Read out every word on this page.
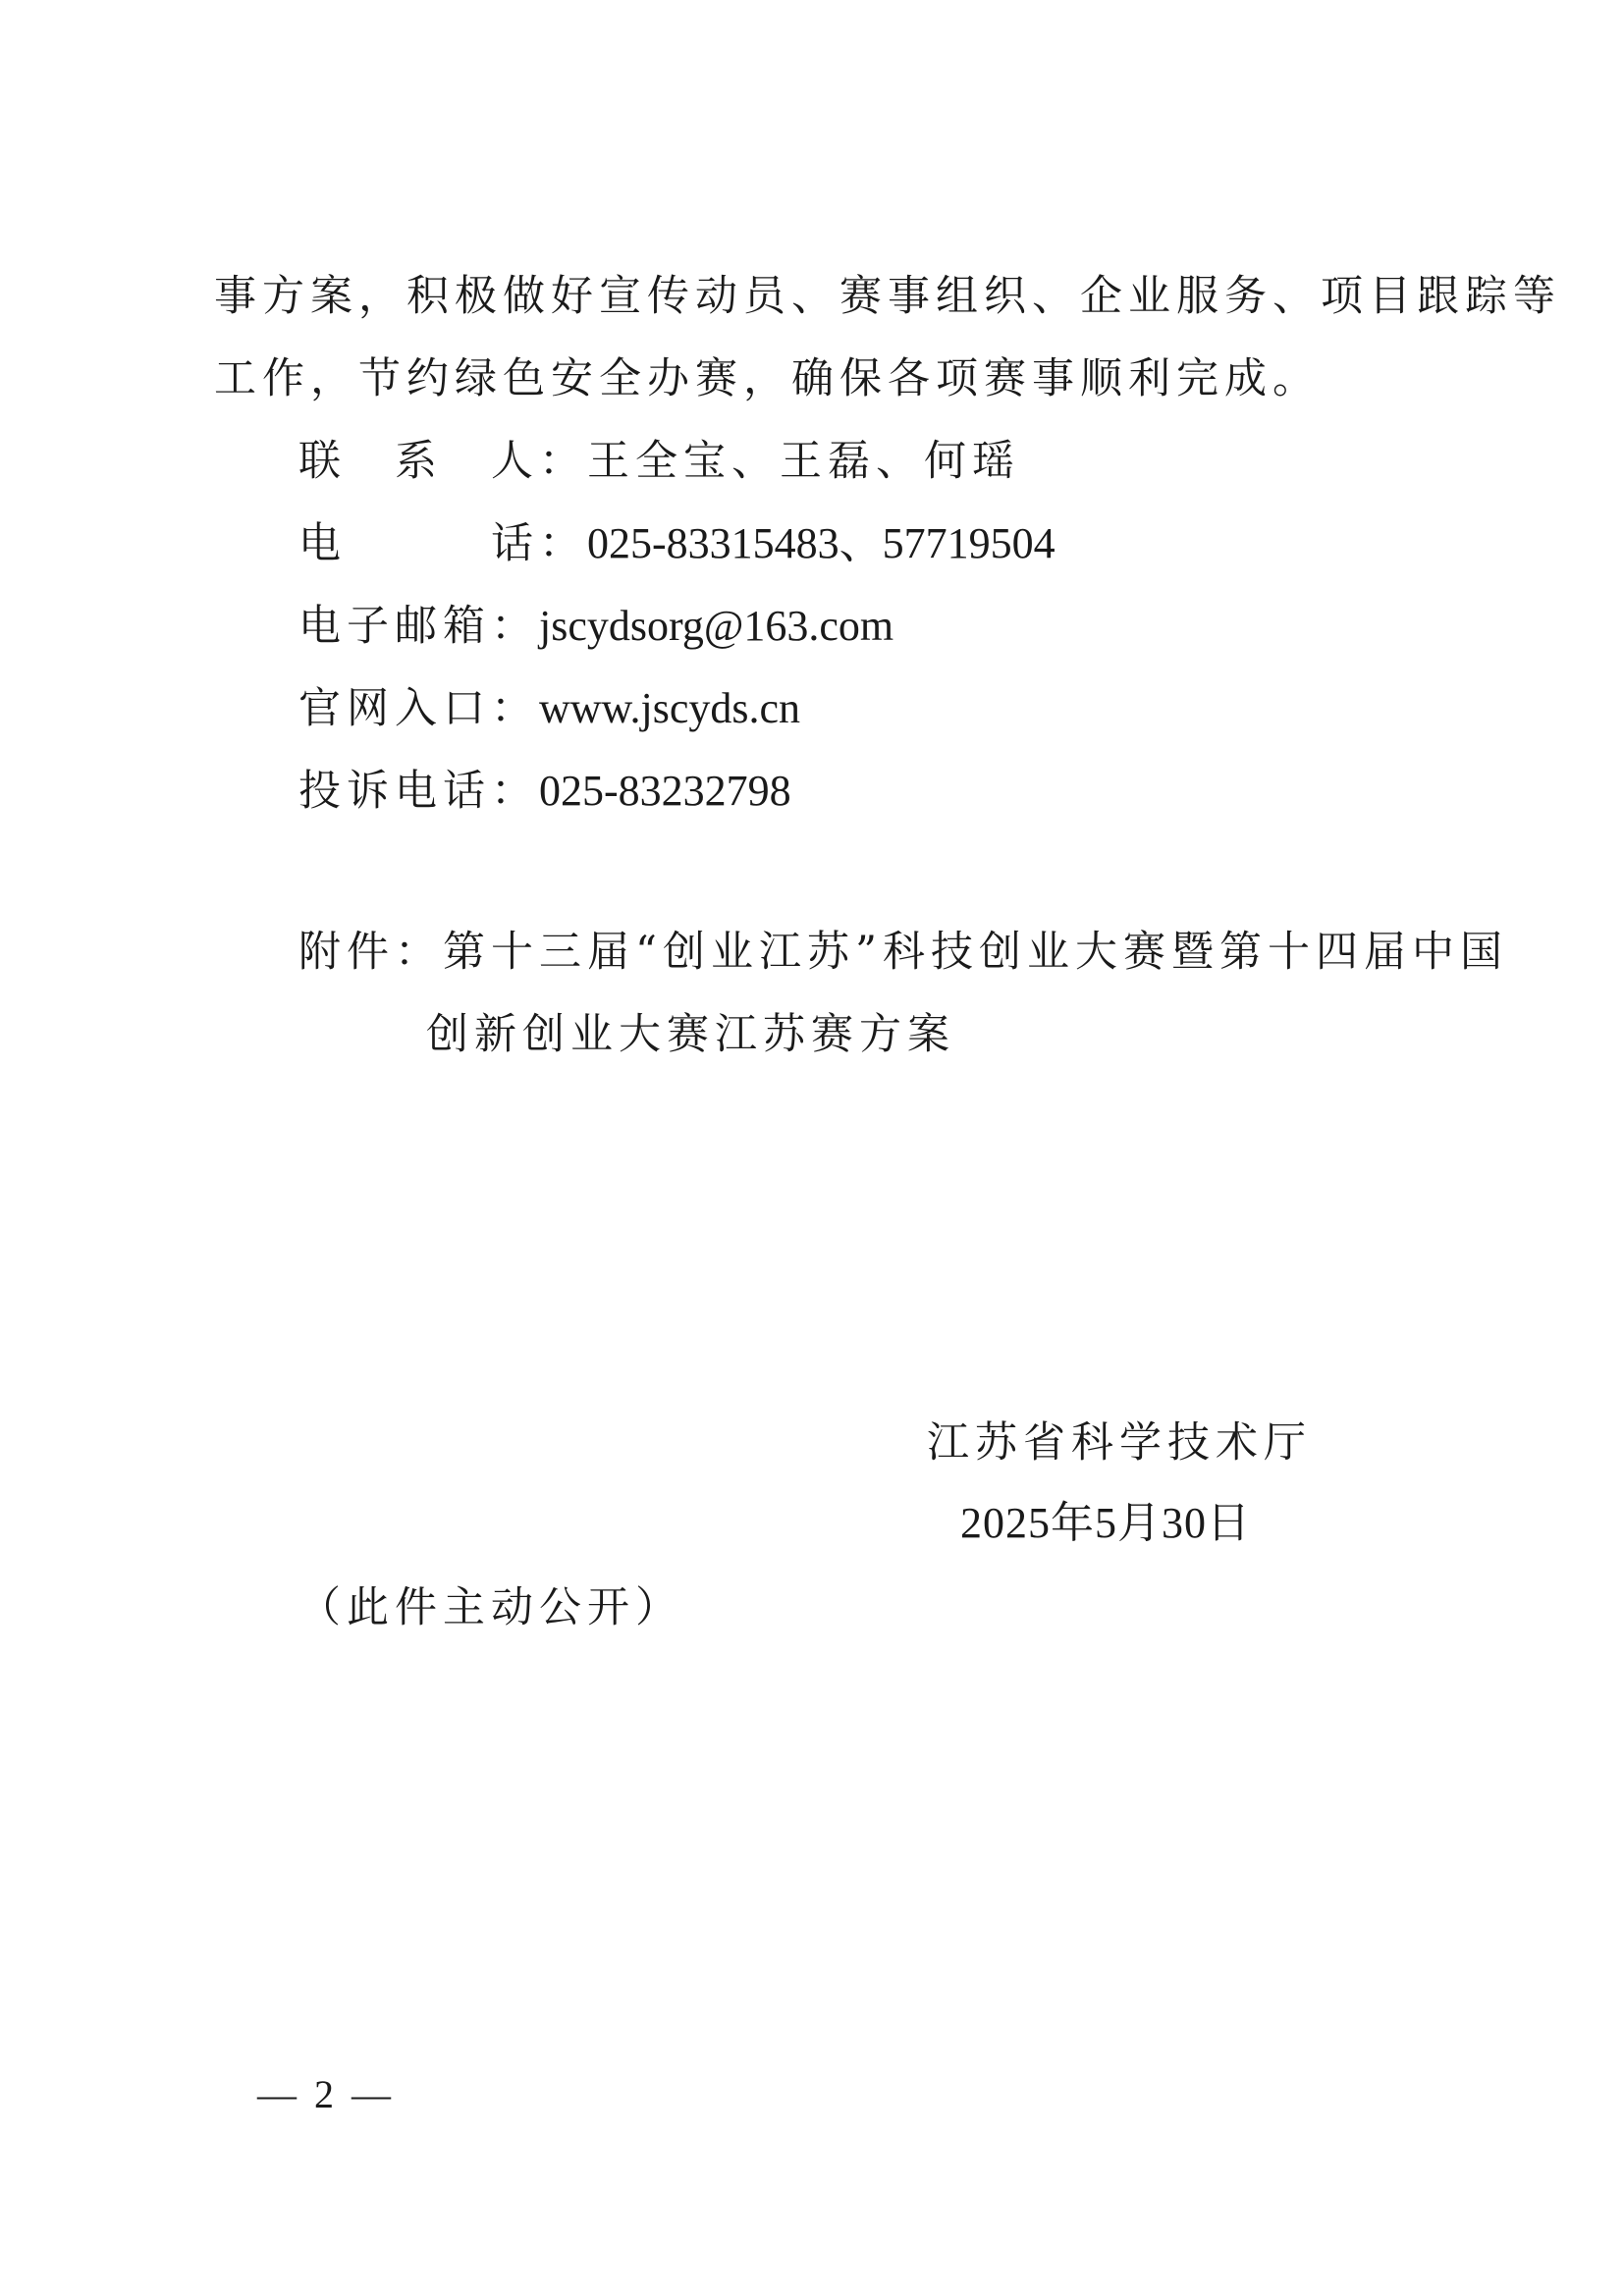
事方案，积极做好宣传动员、赛事组织、企业服务、项目跟踪等
工作，节约绿色安全办赛，确保各项赛事顺利完成。
联　系　人：王全宝、王磊、何瑶
电　　　话：025-83315483、57719504
电子邮箱：jscydsorg@163.com
官网入口：www.jscyds.cn
投诉电话：025-83232798
附件：第十三届“创业江苏”科技创业大赛暨第十四届中国
创新创业大赛江苏赛方案
江苏省科学技术厅
2025年5月30日
（此件主动公开）
— 2 —
